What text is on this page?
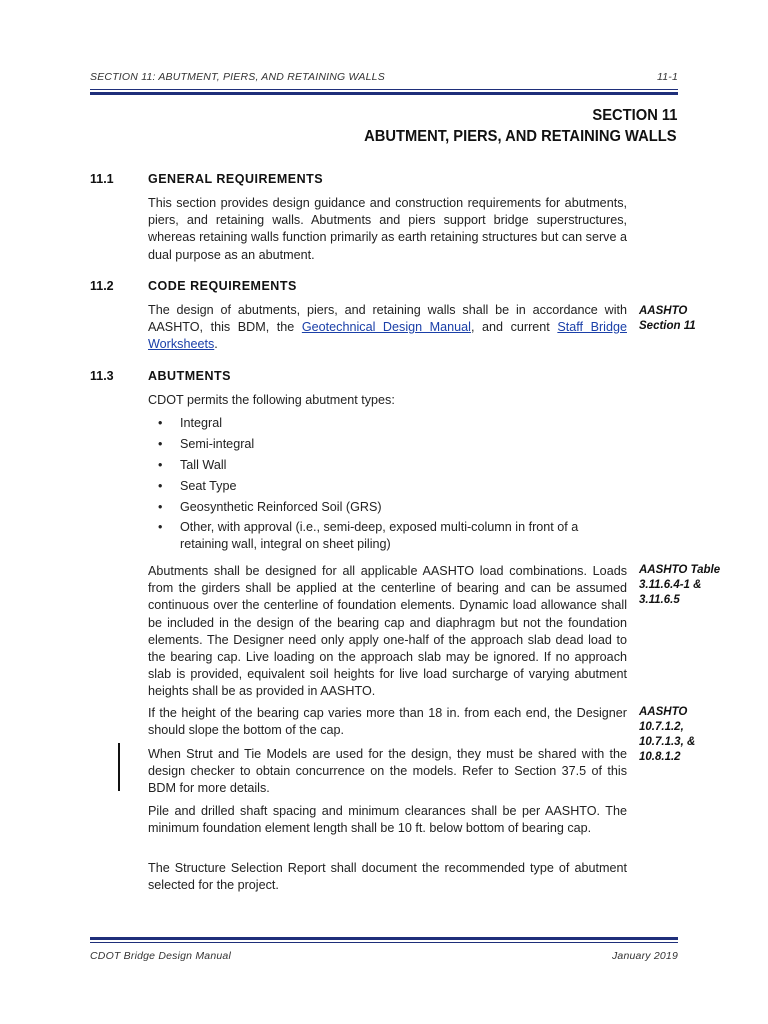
SECTION 11: ABUTMENT, PIERS, AND RETAINING WALLS	11-1
SECTION 11
ABUTMENT, PIERS, AND RETAINING WALLS
11.1	GENERAL REQUIREMENTS
This section provides design guidance and construction requirements for abutments, piers, and retaining walls. Abutments and piers support bridge superstructures, whereas retaining walls function primarily as earth retaining structures but can serve a dual purpose as an abutment.
11.2	CODE REQUIREMENTS
The design of abutments, piers, and retaining walls shall be in accordance with AASHTO, this BDM, the Geotechnical Design Manual, and current Staff Bridge Worksheets.
AASHTO
Section 11
11.3	ABUTMENTS
CDOT permits the following abutment types:
• Integral
• Semi-integral
• Tall Wall
• Seat Type
• Geosynthetic Reinforced Soil (GRS)
• Other, with approval (i.e., semi-deep, exposed multi-column in front of a retaining wall, integral on sheet piling)
Abutments shall be designed for all applicable AASHTO load combinations. Loads from the girders shall be applied at the centerline of bearing and can be assumed continuous over the centerline of foundation elements. Dynamic load allowance shall be included in the design of the bearing cap and diaphragm but not the foundation elements. The Designer need only apply one-half of the approach slab dead load to the bearing cap. Live loading on the approach slab may be ignored. If no approach slab is provided, equivalent soil heights for live load surcharge of varying abutment heights shall be as provided in AASHTO.
AASHTO Table
3.11.6.4-1 &
3.11.6.5
If the height of the bearing cap varies more than 18 in. from each end, the Designer should slope the bottom of the cap.
AASHTO
10.7.1.2,
10.7.1.3, &
10.8.1.2
When Strut and Tie Models are used for the design, they must be shared with the design checker to obtain concurrence on the models. Refer to Section 37.5 of this BDM for more details.
Pile and drilled shaft spacing and minimum clearances shall be per AASHTO. The minimum foundation element length shall be 10 ft. below bottom of bearing cap.
The Structure Selection Report shall document the recommended type of abutment selected for the project.
CDOT Bridge Design Manual	January 2019
